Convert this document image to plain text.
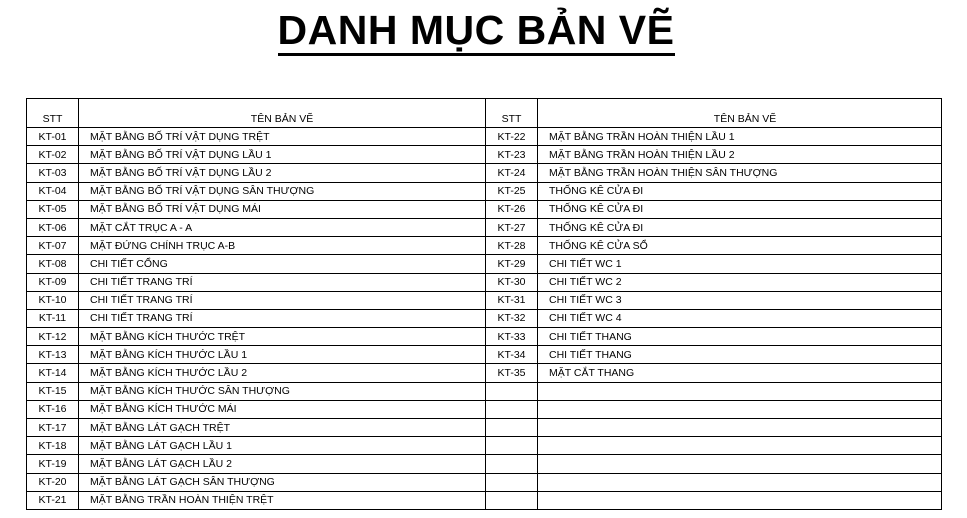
DANH MỤC BẢN VẼ
STT	TÊN BẢN VẼ	STT	TÊN BẢN VẼ
KT-01	MẶT BẰNG BỐ TRÍ VẬT DỤNG TRỆT	KT-22	MẶT BẰNG TRẦN HOÀN THIỆN LẦU 1
KT-02	MẶT BẰNG BỐ TRÍ VẬT DỤNG LẦU 1	KT-23	MẶT BẰNG TRẦN HOÀN THIỆN LẦU 2
KT-03	MẶT BẰNG BỐ TRÍ VẬT DỤNG LẦU 2	KT-24	MẶT BẰNG TRẦN HOÀN THIỆN SÂN THƯỢNG
KT-04	MẶT BẰNG BỐ TRÍ VẬT DỤNG SÂN THƯỢNG	KT-25	THỐNG KÊ CỬA ĐI
KT-05	MẶT BẰNG BỐ TRÍ VẬT DỤNG MÁI	KT-26	THỐNG KÊ CỬA ĐI
KT-06	MẶT CẮT TRỤC A - A	KT-27	THỐNG KÊ CỬA ĐI
KT-07	MẶT ĐỨNG CHÍNH TRỤC A-B	KT-28	THỐNG KÊ CỬA SỔ
KT-08	CHI TIẾT CỔNG	KT-29	CHI TIẾT WC 1
KT-09	CHI TIẾT TRANG TRÍ	KT-30	CHI TIẾT WC 2
KT-10	CHI TIẾT TRANG TRÍ	KT-31	CHI TIẾT WC 3
KT-11	CHI TIẾT TRANG TRÍ	KT-32	CHI TIẾT WC 4
KT-12	MẶT BẰNG KÍCH THƯỚC TRỆT	KT-33	CHI TIẾT THANG
KT-13	MẶT BẰNG KÍCH THƯỚC LẦU 1	KT-34	CHI TIẾT THANG
KT-14	MẶT BẰNG KÍCH THƯỚC LẦU 2	KT-35	MẶT CẮT THANG
KT-15	MẶT BẰNG KÍCH THƯỚC SÂN THƯỢNG		
KT-16	MẶT BẰNG KÍCH THƯỚC MÁI		
KT-17	MẶT BẰNG LÁT GẠCH TRỆT		
KT-18	MẶT BẰNG LÁT GẠCH LẦU 1		
KT-19	MẶT BẰNG LÁT GẠCH LẦU 2		
KT-20	MẶT BẰNG LÁT GẠCH SÂN THƯỢNG		
KT-21	MẶT BẰNG TRẦN HOÀN THIỆN TRỆT		
